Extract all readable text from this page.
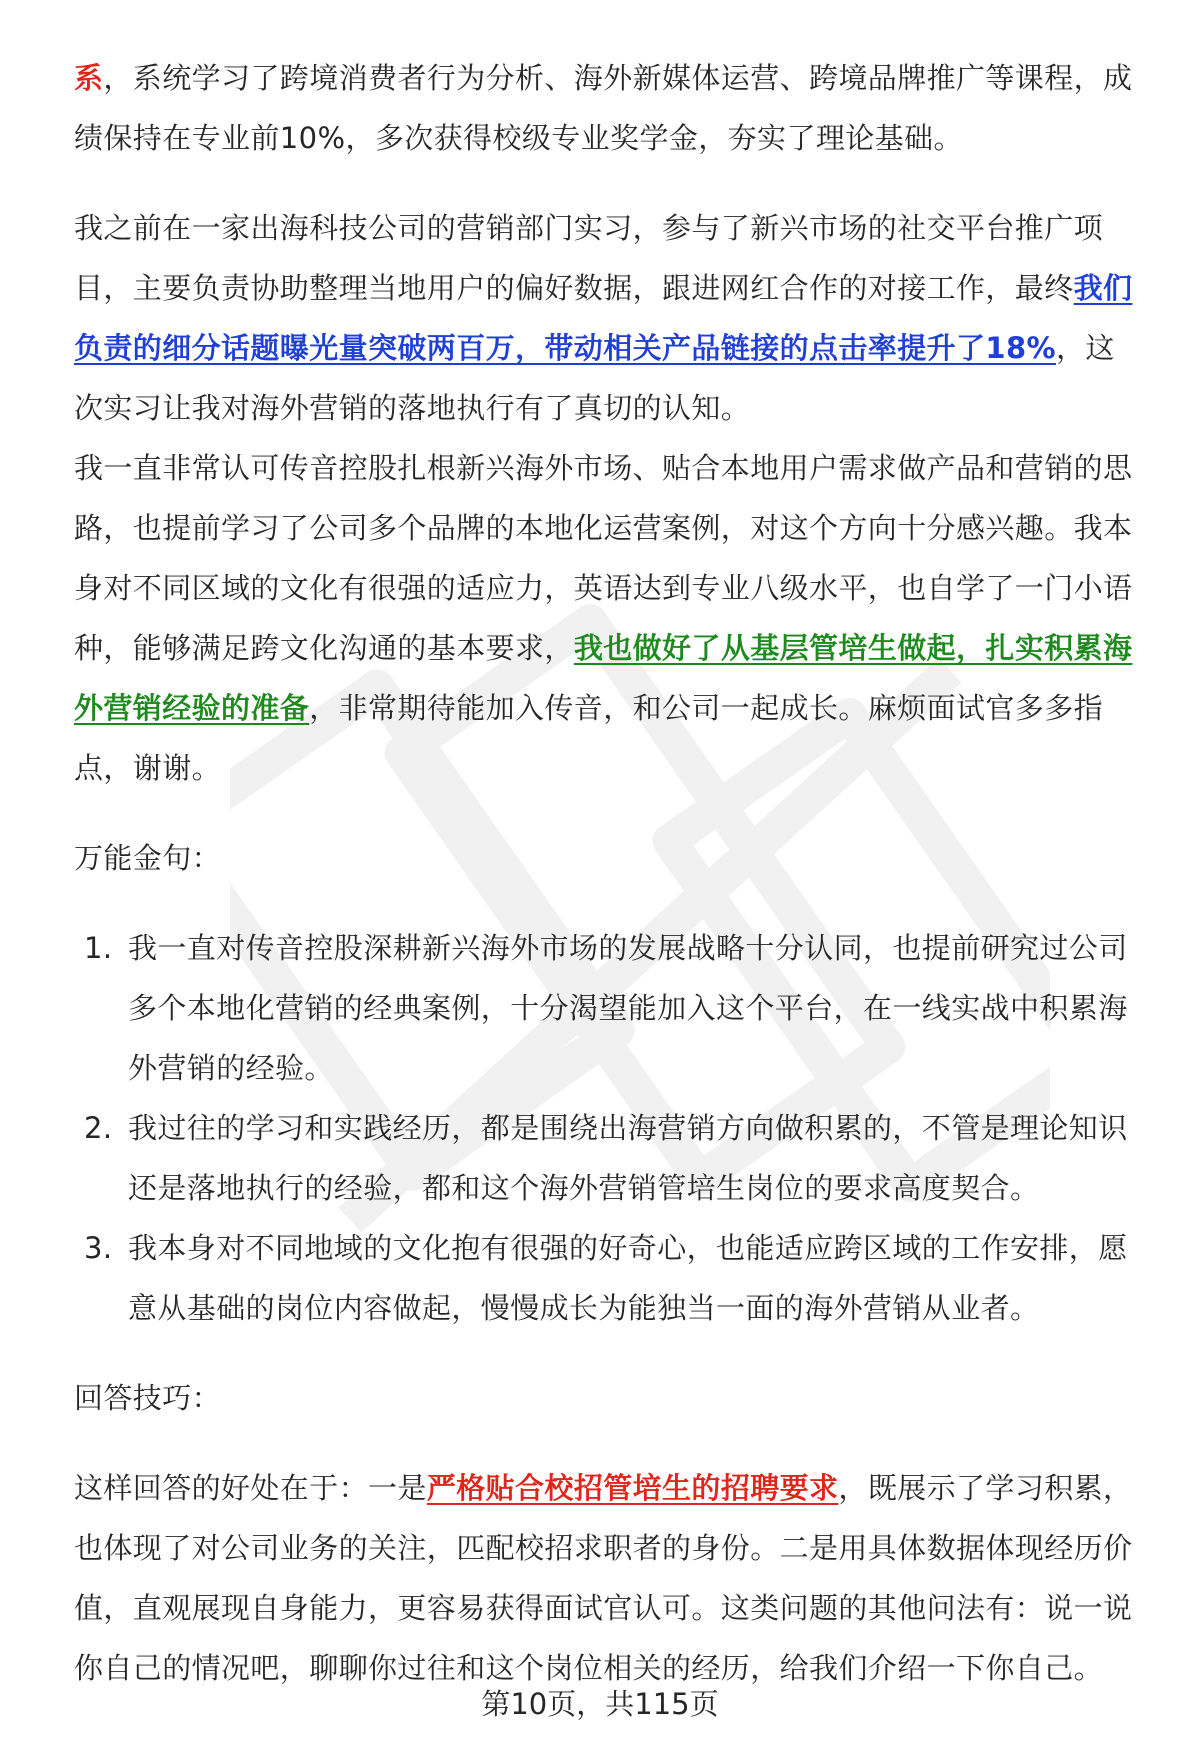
系，系统学习了跨境消费者行为分析、海外新媒体运营、跨境品牌推广等课程，成绩保持在专业前10%，多次获得校级专业奖学金，夯实了理论基础。

我之前在一家出海科技公司的营销部门实习，参与了新兴市场的社交平台推广项目，主要负责协助整理当地用户的偏好数据，跟进网红合作的对接工作，最终我们负责的细分话题曝光量突破两百万，带动相关产品链接的点击率提升了18%，这次实习让我对海外营销的落地执行有了真切的认知。

我一直非常认可传音控股扎根新兴海外市场、贴合本地用户需求做产品和营销的思路，也提前学习了公司多个品牌的本地化运营案例，对这个方向十分感兴趣。我本身对不同区域的文化有很强的适应力，英语达到专业八级水平，也自学了一门小语种，能够满足跨文化沟通的基本要求，我也做好了从基层管培生做起，扎实积累海外营销经验的准备，非常期待能加入传音，和公司一起成长。麻烦面试官多多指点，谢谢。

万能金句：

1. 我一直对传音控股深耕新兴海外市场的发展战略十分认同，也提前研究过公司多个本地化营销的经典案例，十分渴望能加入这个平台，在一线实战中积累海外营销的经验。
2. 我过往的学习和实践经历，都是围绕出海营销方向做积累的，不管是理论知识还是落地执行的经验，都和这个海外营销管培生岗位的要求高度契合。
3. 我本身对不同地域的文化抱有很强的好奇心，也能适应跨区域的工作安排，愿意从基础的岗位内容做起，慢慢成长为能独当一面的海外营销从业者。

回答技巧：

这样回答的好处在于：一是严格贴合校招管培生的招聘要求，既展示了学习积累，也体现了对公司业务的关注，匹配校招求职者的身份。二是用具体数据体现经历价值，直观展现自身能力，更容易获得面试官认可。这类问题的其他问法有：说一说你自己的情况吧，聊聊你过往和这个岗位相关的经历，给我们介绍一下你自己。

第10页，共115页
